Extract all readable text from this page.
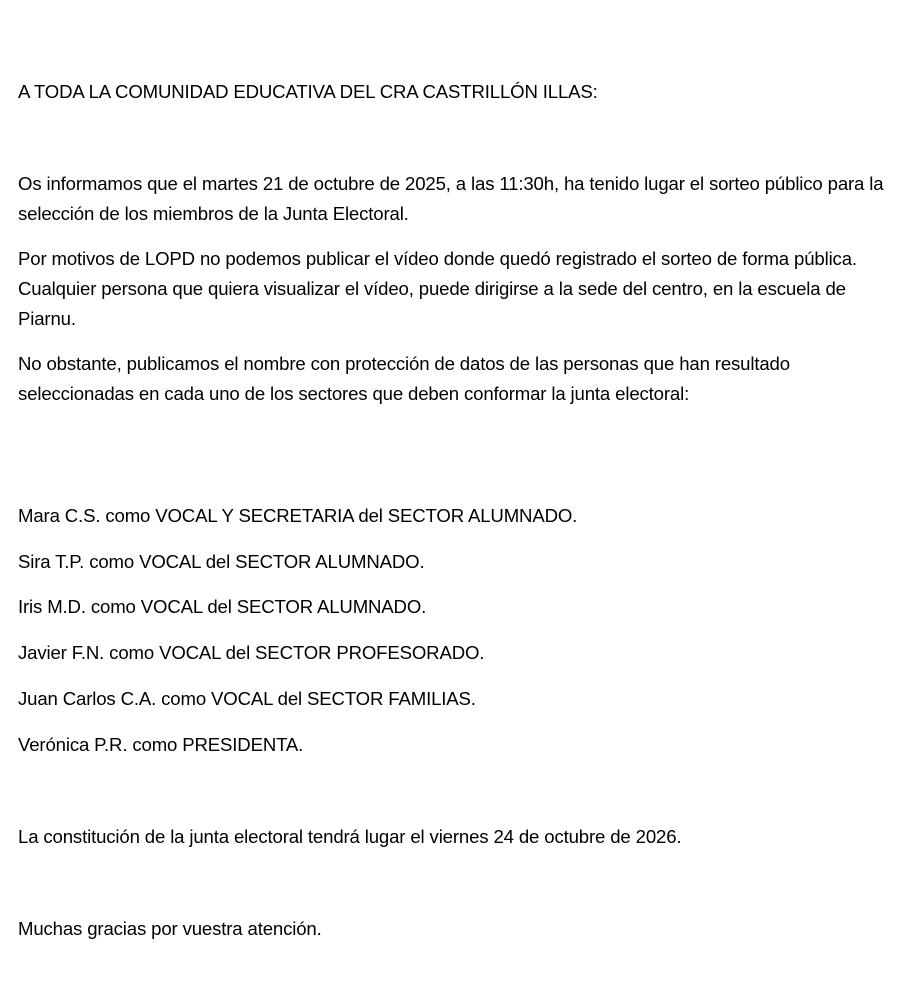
A TODA LA COMUNIDAD EDUCATIVA DEL CRA CASTRILLÓN ILLAS:

Os informamos que el martes 21 de octubre de 2025, a las 11:30h, ha tenido lugar el sorteo público para la selección de los miembros de la Junta Electoral.

Por motivos de LOPD no podemos publicar el vídeo donde quedó registrado el sorteo de forma pública. Cualquier persona que quiera visualizar el vídeo, puede dirigirse a la sede del centro, en la escuela de Piarnu.

No obstante, publicamos el nombre con protección de datos de las personas que han resultado seleccionadas en cada uno de los sectores que deben conformar la junta electoral:

Mara C.S. como VOCAL Y SECRETARIA del SECTOR ALUMNADO.

Sira T.P. como VOCAL del SECTOR ALUMNADO.

Iris M.D. como VOCAL del SECTOR ALUMNADO.

Javier F.N. como VOCAL del SECTOR PROFESORADO.

Juan Carlos C.A. como VOCAL del SECTOR FAMILIAS.

Verónica P.R. como PRESIDENTA.

La constitución de la junta electoral tendrá lugar el viernes 24 de octubre de 2026.

Muchas gracias por vuestra atención.
